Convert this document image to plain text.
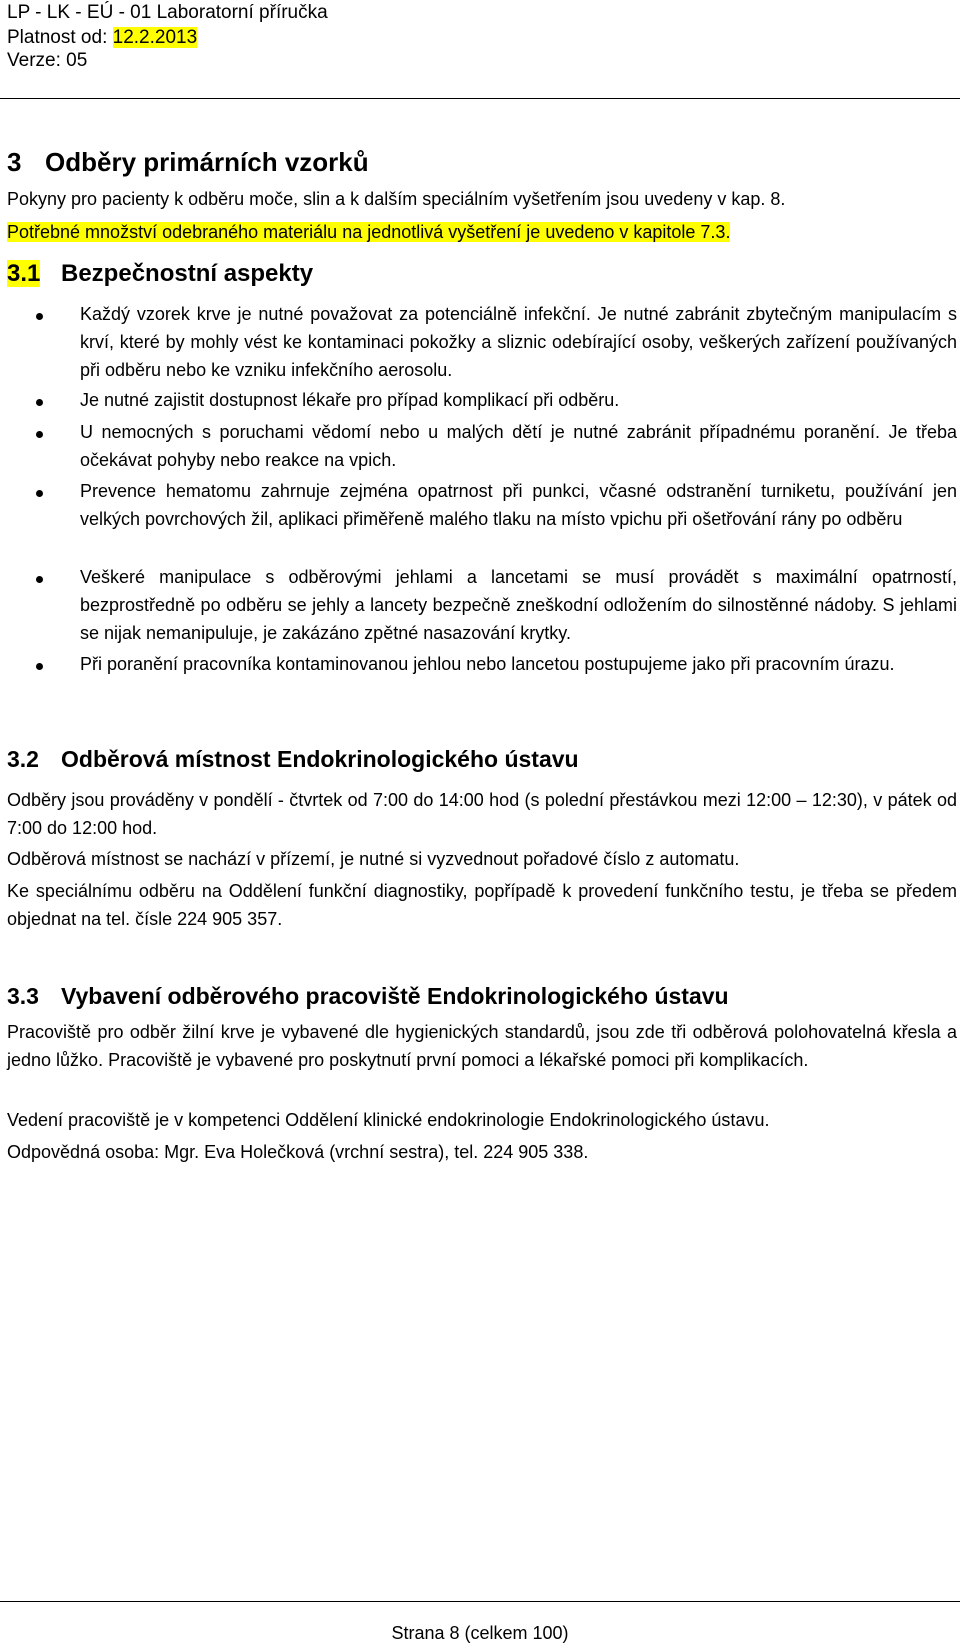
LP - LK - EÚ - 01 Laboratorní příručka
Platnost od: 12.2.2013
Verze: 05
3 Odběry primárních vzorků

Pokyny pro pacienty k odběru moče, slin a k dalším speciálním vyšetřením jsou uvedeny v kap. 8.

Potřebné množství odebraného materiálu na jednotlivá vyšetření je uvedeno v kapitole 7.3.

3.1 Bezpečnostní aspekty

Každý vzorek krve je nutné považovat za potenciálně infekční. Je nutné zabránit zbytečným manipulacím s krví, které by mohly vést ke kontaminaci pokožky a sliznic odebírající osoby, veškerých zařízení používaných při odběru nebo ke vzniku infekčního aerosolu.

Je nutné zajistit dostupnost lékaře pro případ komplikací při odběru.

U nemocných s poruchami vědomí nebo u malých dětí je nutné zabránit případnému poranění. Je třeba očekávat pohyby nebo reakce na vpich.

Prevence hematomu zahrnuje zejména opatrnost při punkci, včasné odstranění turniketu, používání jen velkých povrchových žil, aplikaci přiměřeně malého tlaku na místo vpichu při ošetřování rány po odběru

Veškeré manipulace s odběrovými jehlami a lancetami se musí provádět s maximální opatrností, bezprostředně po odběru se jehly a lancety bezpečně zneškodní odložením do silnostěnné nádoby. S jehlami se nijak nemanipuluje, je zakázáno zpětné nasazování krytky.

Při poranění pracovníka kontaminovanou jehlou nebo lancetou postupujeme jako při pracovním úrazu.

3.2 Odběrová místnost Endokrinologického ústavu

Odběry jsou prováděny v pondělí - čtvrtek od 7:00 do 14:00 hod (s polední přestávkou mezi 12:00 – 12:30), v pátek od 7:00 do 12:00 hod.

Odběrová místnost se nachází v přízemí, je nutné si vyzvednout pořadové číslo z automatu.

Ke speciálnímu odběru na Oddělení funkční diagnostiky, popřípadě k provedení funkčního testu, je třeba se předem objednat na tel. čísle 224 905 357.

3.3 Vybavení odběrového pracoviště Endokrinologického ústavu

Pracoviště pro odběr žilní krve je vybavené dle hygienických standardů, jsou zde tři odběrová polohovatelná křesla a jedno lůžko. Pracoviště je vybavené pro poskytnutí první pomoci a lékařské pomoci při komplikacích.

Vedení pracoviště je v kompetenci Oddělení klinické endokrinologie Endokrinologického ústavu.

Odpovědná osoba: Mgr. Eva Holečková (vrchní sestra), tel. 224 905 338.

Strana 8 (celkem 100)
